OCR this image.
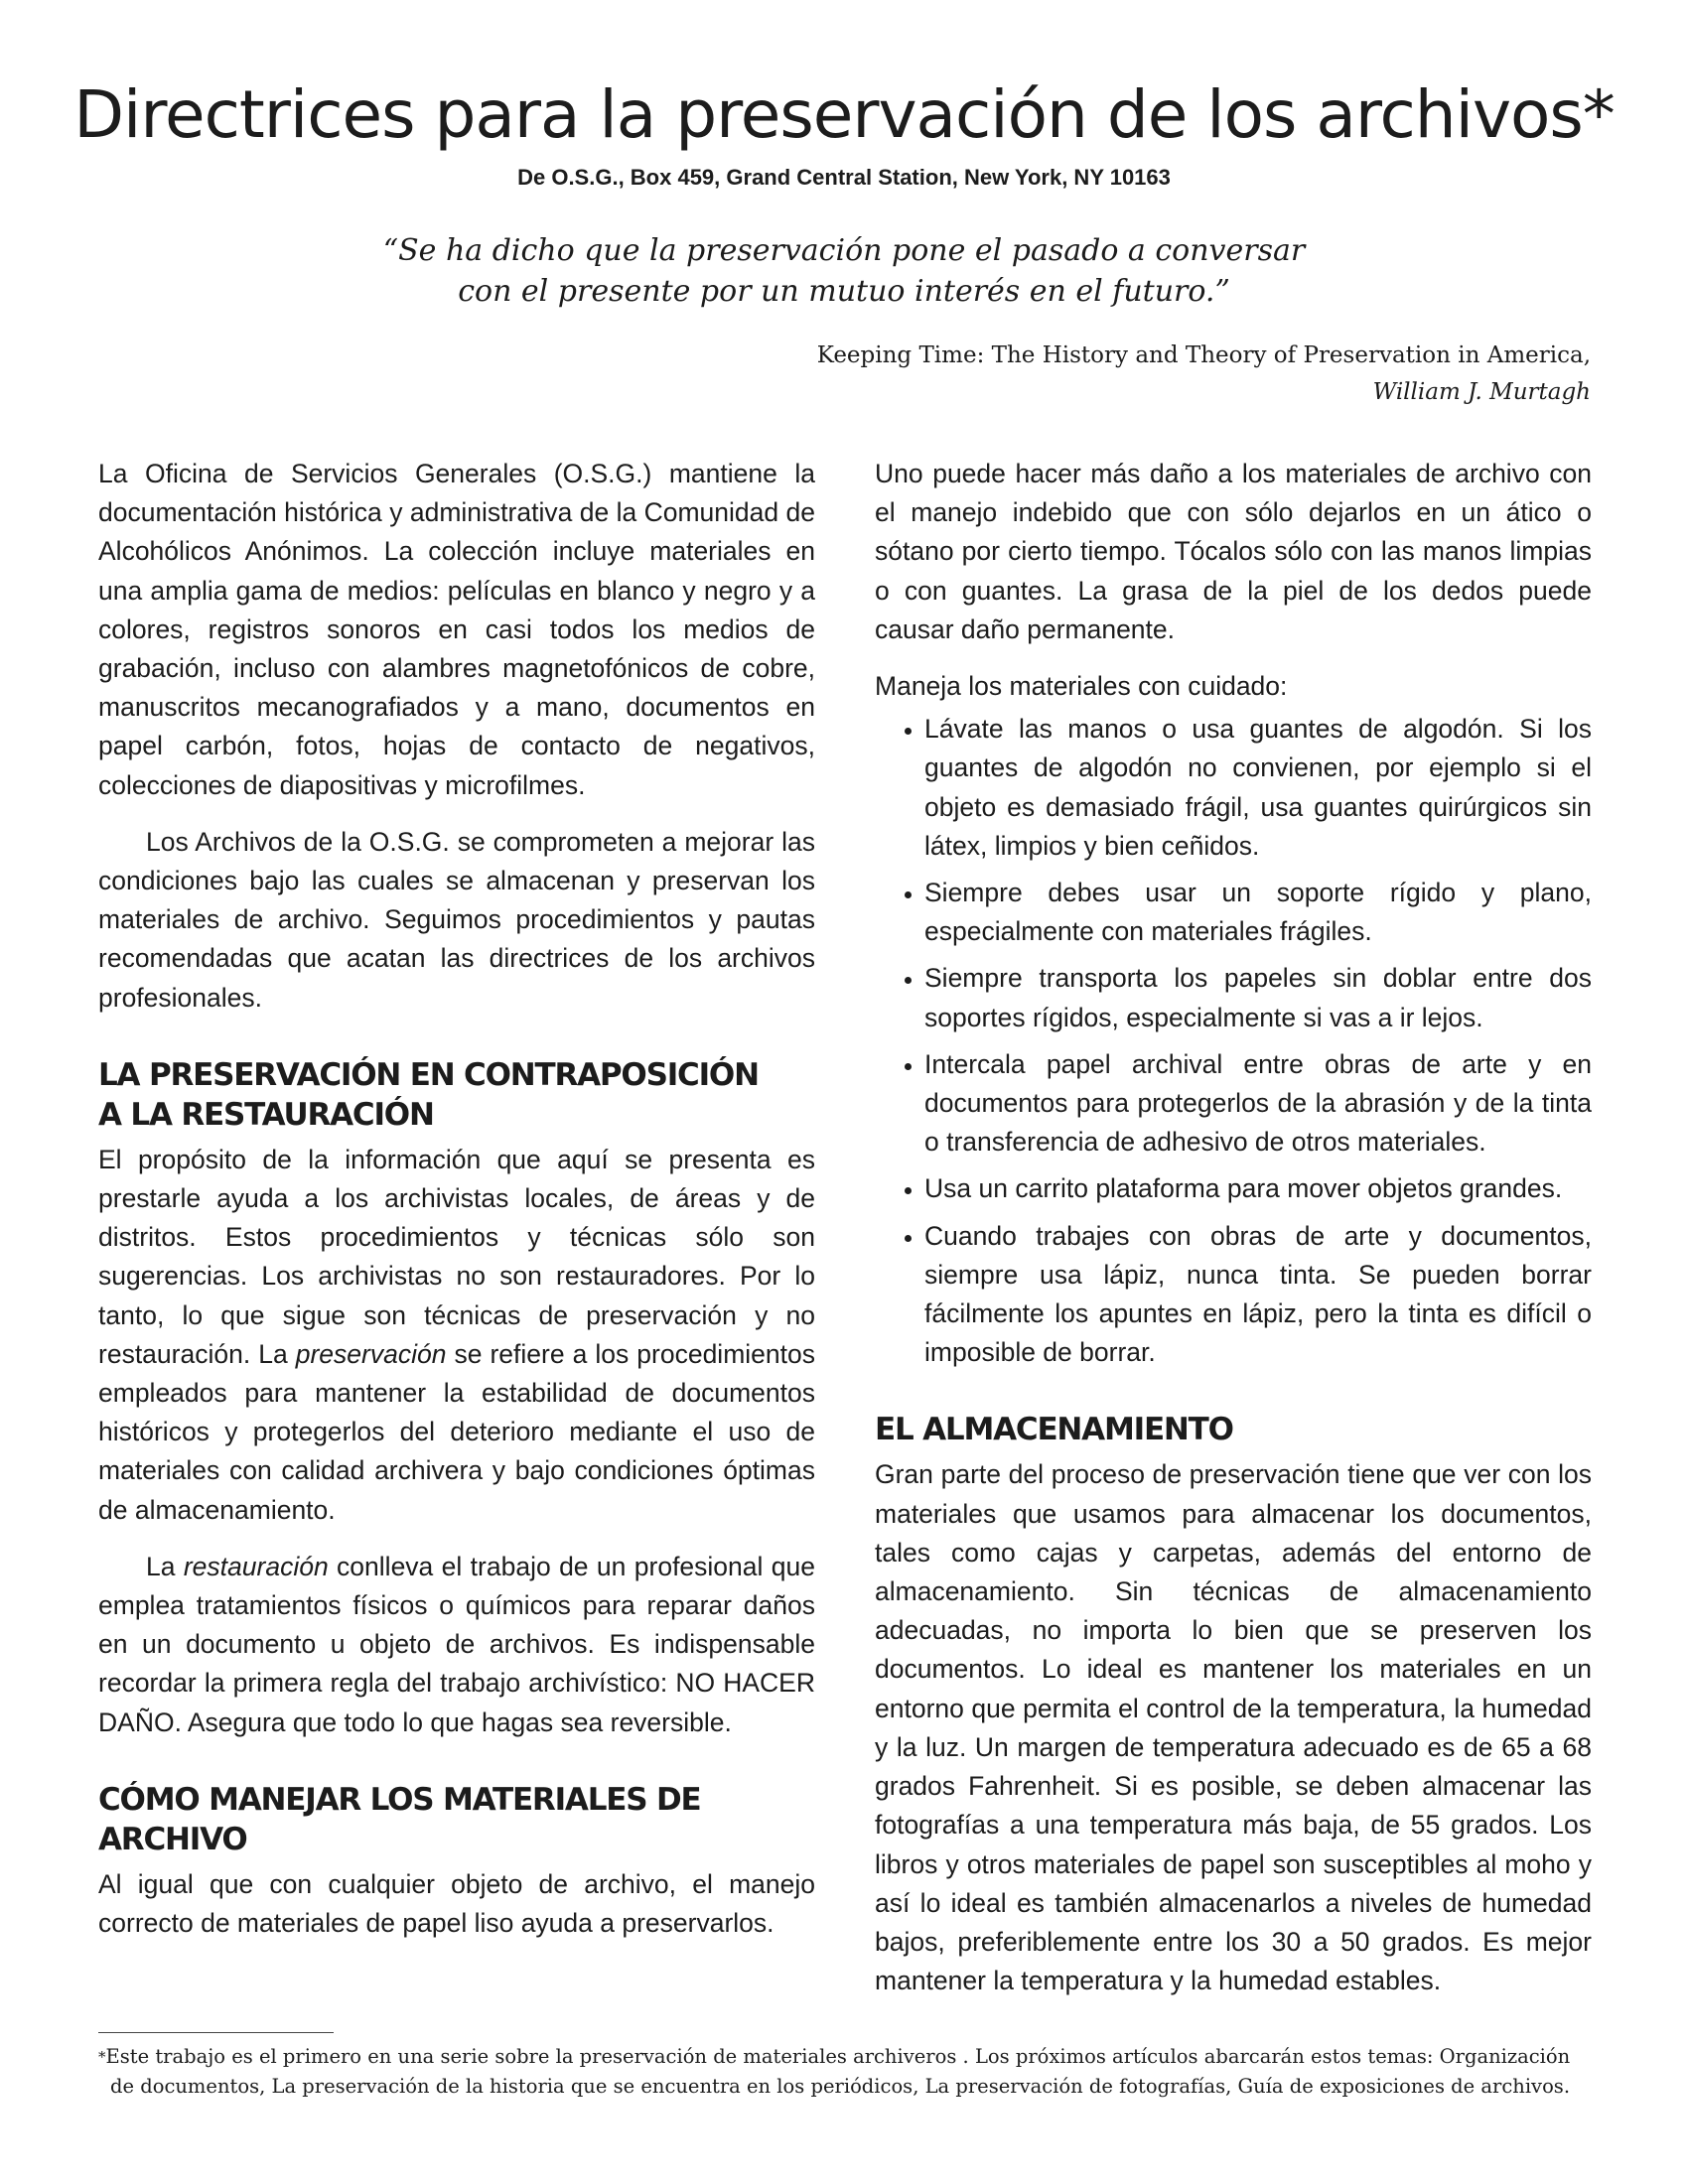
Directrices para la preservación de los archivos*
De O.S.G., Box 459, Grand Central Station, New York, NY 10163
“Se ha dicho que la preservación pone el pasado a conversar
con el presente por un mutuo interés en el futuro.”
Keeping Time: The History and Theory of Preservation in America,
William J. Murtagh

La Oficina de Servicios Generales (O.S.G.) mantiene la documentación histórica y administrativa de la Comunidad de Alcohólicos Anónimos. La colección incluye materiales en una amplia gama de medios: películas en blanco y negro y a colores, registros sonoros en casi todos los medios de grabación, incluso con alambres magnetofónicos de cobre, manuscritos mecanografiados y a mano, documentos en papel carbón, fotos, hojas de contacto de negativos, colecciones de diapositivas y microfilmes.

Los Archivos de la O.S.G. se comprometen a mejorar las condiciones bajo las cuales se almacenan y preservan los materiales de archivo. Seguimos procedimientos y pautas recomendadas que acatan las directrices de los archivos profesionales.

LA PRESERVACIÓN EN CONTRAPOSICIÓN
A LA RESTAURACIÓN

El propósito de la información que aquí se presenta es prestarle ayuda a los archivistas locales, de áreas y de distritos. Estos procedimientos y técnicas sólo son sugerencias. Los archivistas no son restauradores. Por lo tanto, lo que sigue son técnicas de preservación y no restauración. La preservación se refiere a los procedimientos empleados para mantener la estabilidad de documentos históricos y protegerlos del deterioro mediante el uso de materiales con calidad archivera y bajo condiciones óptimas de almacenamiento.

La restauración conlleva el trabajo de un profesional que emplea tratamientos físicos o químicos para reparar daños en un documento u objeto de archivos. Es indispensable recordar la primera regla del trabajo archivístico: NO HACER DAÑO. Asegura que todo lo que hagas sea reversible.

CÓMO MANEJAR LOS MATERIALES DE ARCHIVO

Al igual que con cualquier objeto de archivo, el manejo correcto de materiales de papel liso ayuda a preservarlos.

Uno puede hacer más daño a los materiales de archivo con el manejo indebido que con sólo dejarlos en un ático o sótano por cierto tiempo. Tócalos sólo con las manos limpias o con guantes. La grasa de la piel de los dedos puede causar daño permanente.

Maneja los materiales con cuidado:

• Lávate las manos o usa guantes de algodón. Si los guantes de algodón no convienen, por ejemplo si el objeto es demasiado frágil, usa guantes quirúrgicos sin látex, limpios y bien ceñidos.
• Siempre debes usar un soporte rígido y plano, especialmente con materiales frágiles.
• Siempre transporta los papeles sin doblar entre dos soportes rígidos, especialmente si vas a ir lejos.
• Intercala papel archival entre obras de arte y en documentos para protegerlos de la abrasión y de la tinta o transferencia de adhesivo de otros materiales.
• Usa un carrito plataforma para mover objetos grandes.
• Cuando trabajes con obras de arte y documentos, siempre usa lápiz, nunca tinta. Se pueden borrar fácilmente los apuntes en lápiz, pero la tinta es difícil o imposible de borrar.
EL ALMACENAMIENTO

Gran parte del proceso de preservación tiene que ver con los materiales que usamos para almacenar los documentos, tales como cajas y carpetas, además del entorno de almacenamiento. Sin técnicas de almacenamiento adecuadas, no importa lo bien que se preserven los documentos. Lo ideal es mantener los materiales en un entorno que permita el control de la temperatura, la humedad y la luz. Un margen de temperatura adecuado es de 65 a 68 grados Fahrenheit. Si es posible, se deben almacenar las fotografías a una temperatura más baja, de 55 grados. Los libros y otros materiales de papel son susceptibles al moho y así lo ideal es también almacenarlos a niveles de humedad bajos, preferiblemente entre los 30 a 50 grados. Es mejor mantener la temperatura y la humedad estables.

*Este trabajo es el primero en una serie sobre la preservación de materiales archiveros . Los próximos artículos abarcarán estos temas: Organización de documentos, La preservación de la historia que se encuentra en los periódicos, La preservación de fotografías, Guía de exposiciones de archivos.
